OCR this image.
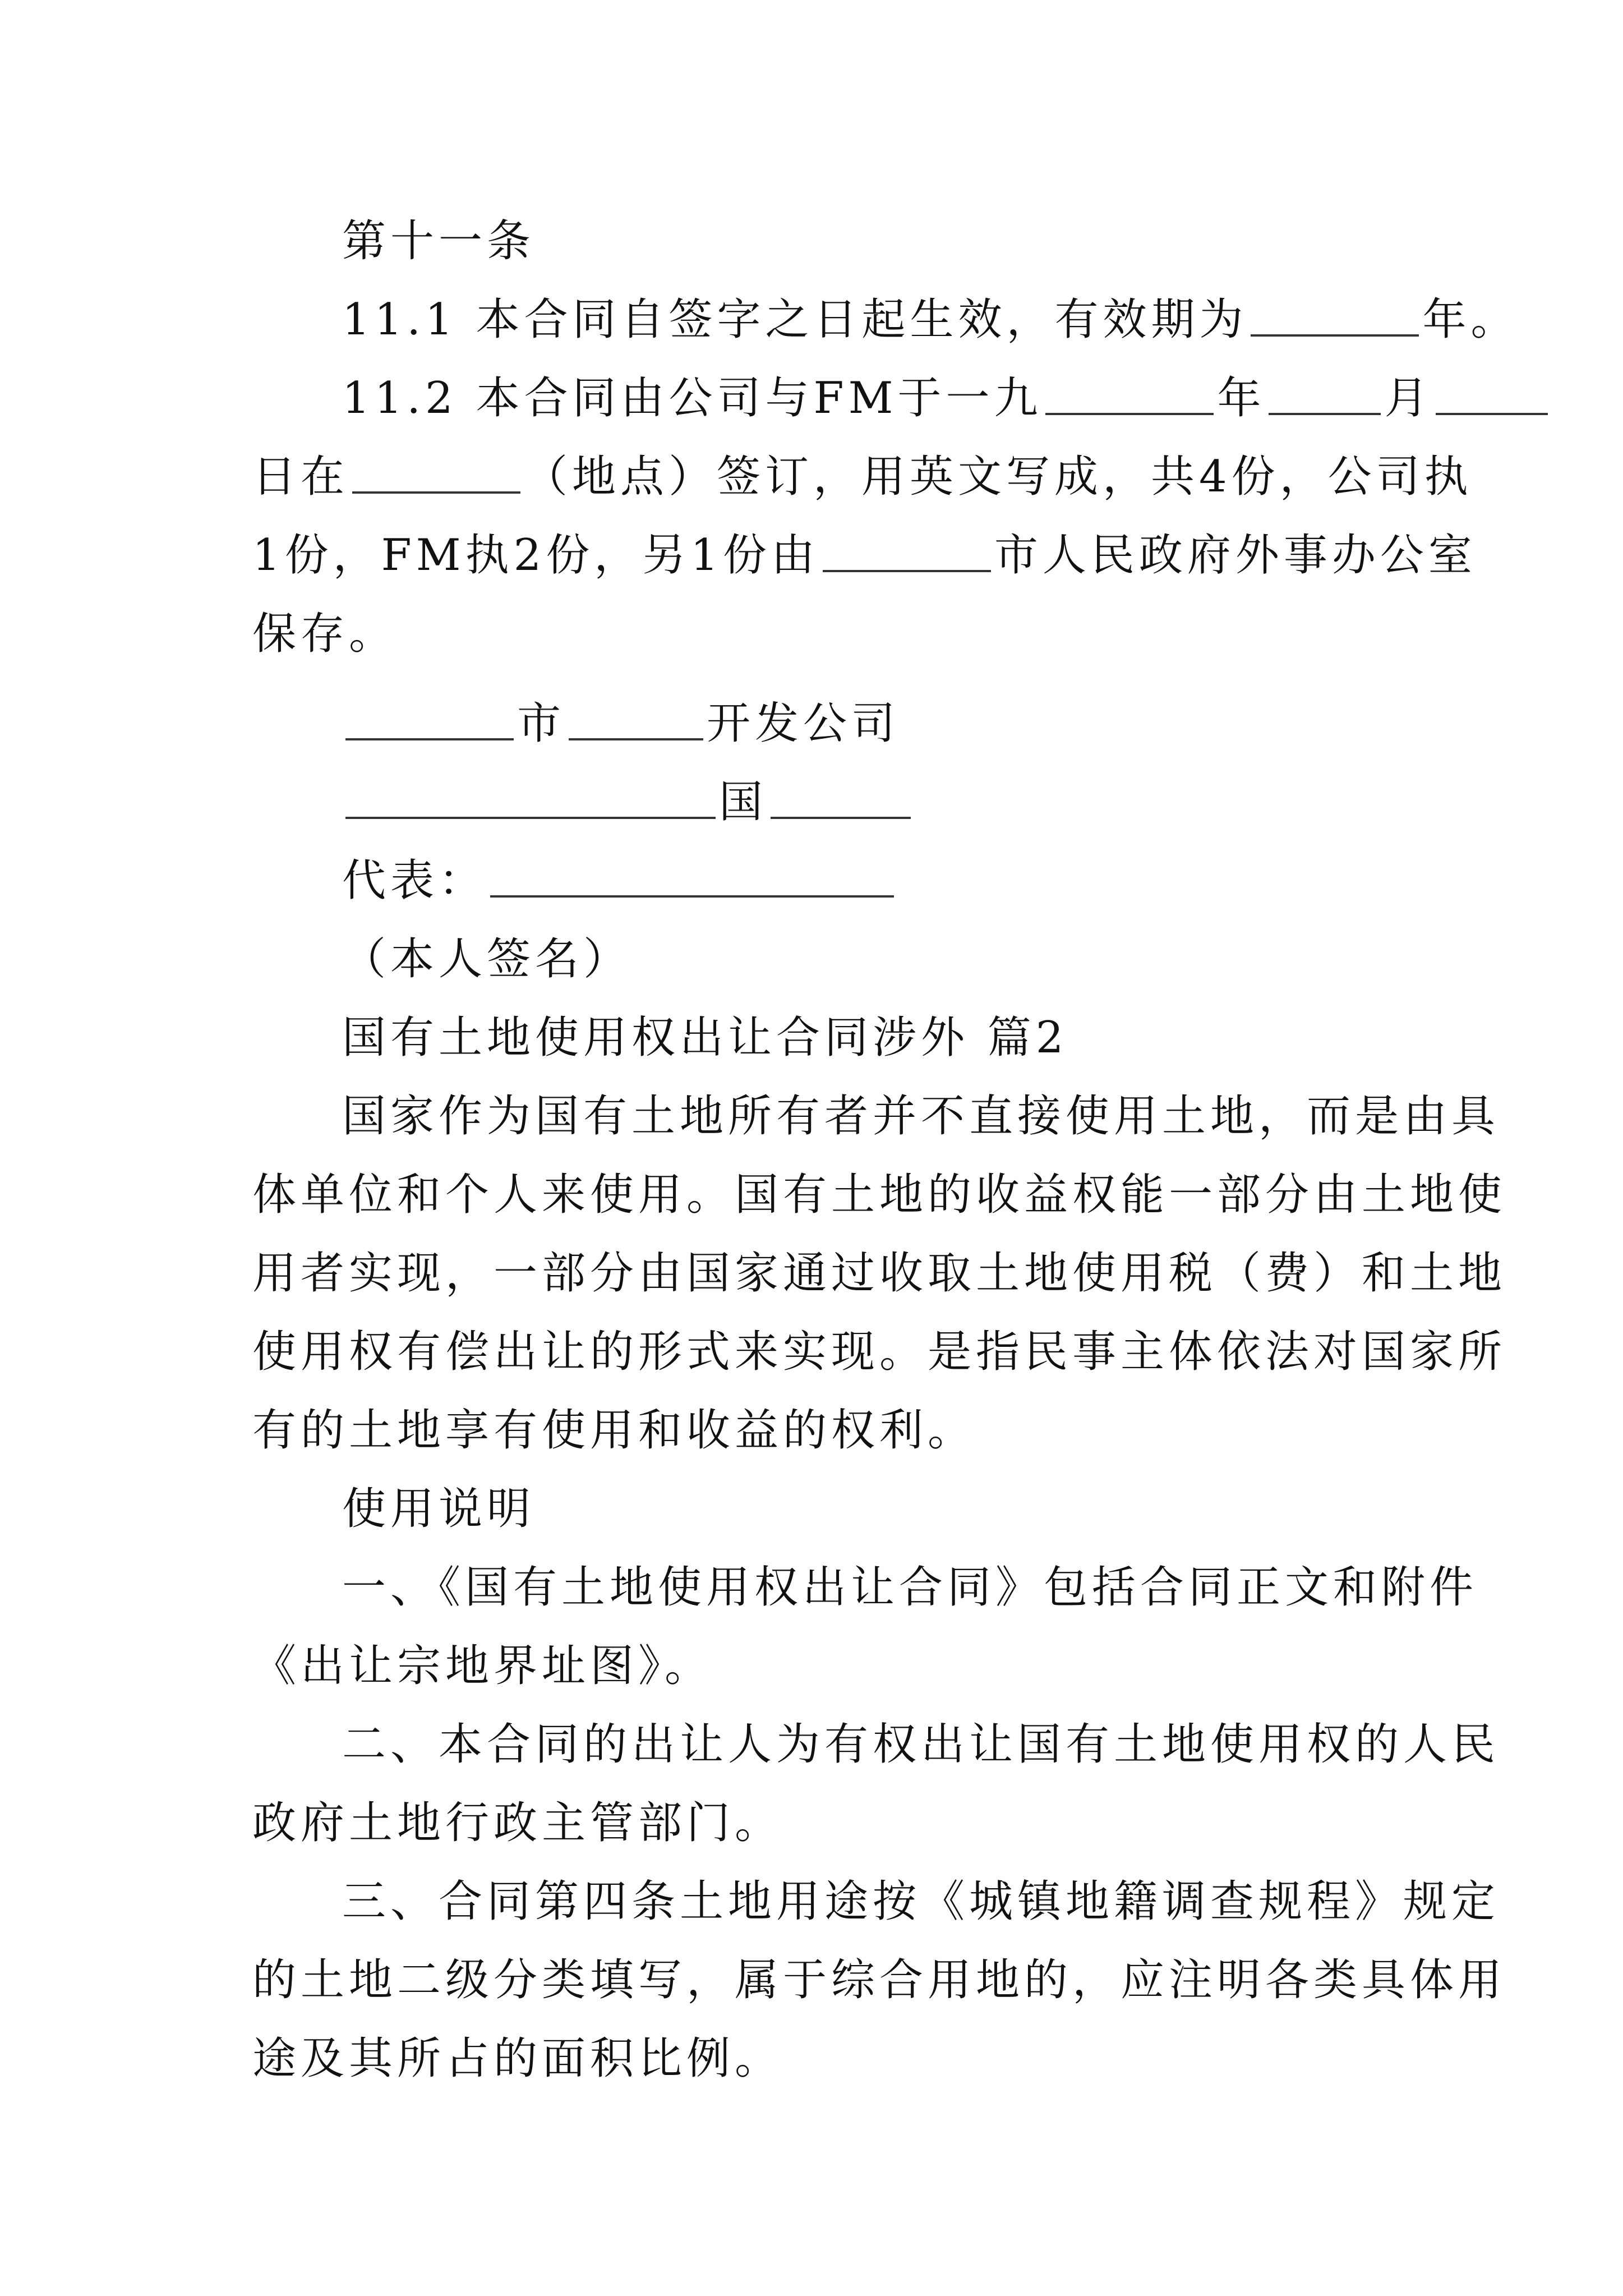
第十一条
11.1 本合同自签字之日起生效，有效期为	年。
11.2 本合同由公司与FM于一九	年	月
日在	（地点）签订，用英文写成，共4份，公司执
1份，FM执2份，另1份由	市人民政府外事办公室
保存。
市	开发公司
国
代表：
（本人签名）
国有土地使用权出让合同涉外 篇2
国家作为国有土地所有者并不直接使用土地，而是由具
体单位和个人来使用。国有土地的收益权能一部分由土地使
用者实现，一部分由国家通过收取土地使用税（费）和土地
使用权有偿出让的形式来实现。是指民事主体依法对国家所
有的土地享有使用和收益的权利。
使用说明
一、《国有土地使用权出让合同》包括合同正文和附件
《出让宗地界址图》。
二、本合同的出让人为有权出让国有土地使用权的人民
政府土地行政主管部门。
三、合同第四条土地用途按《城镇地籍调查规程》规定
的土地二级分类填写，属于综合用地的，应注明各类具体用
途及其所占的面积比例。
